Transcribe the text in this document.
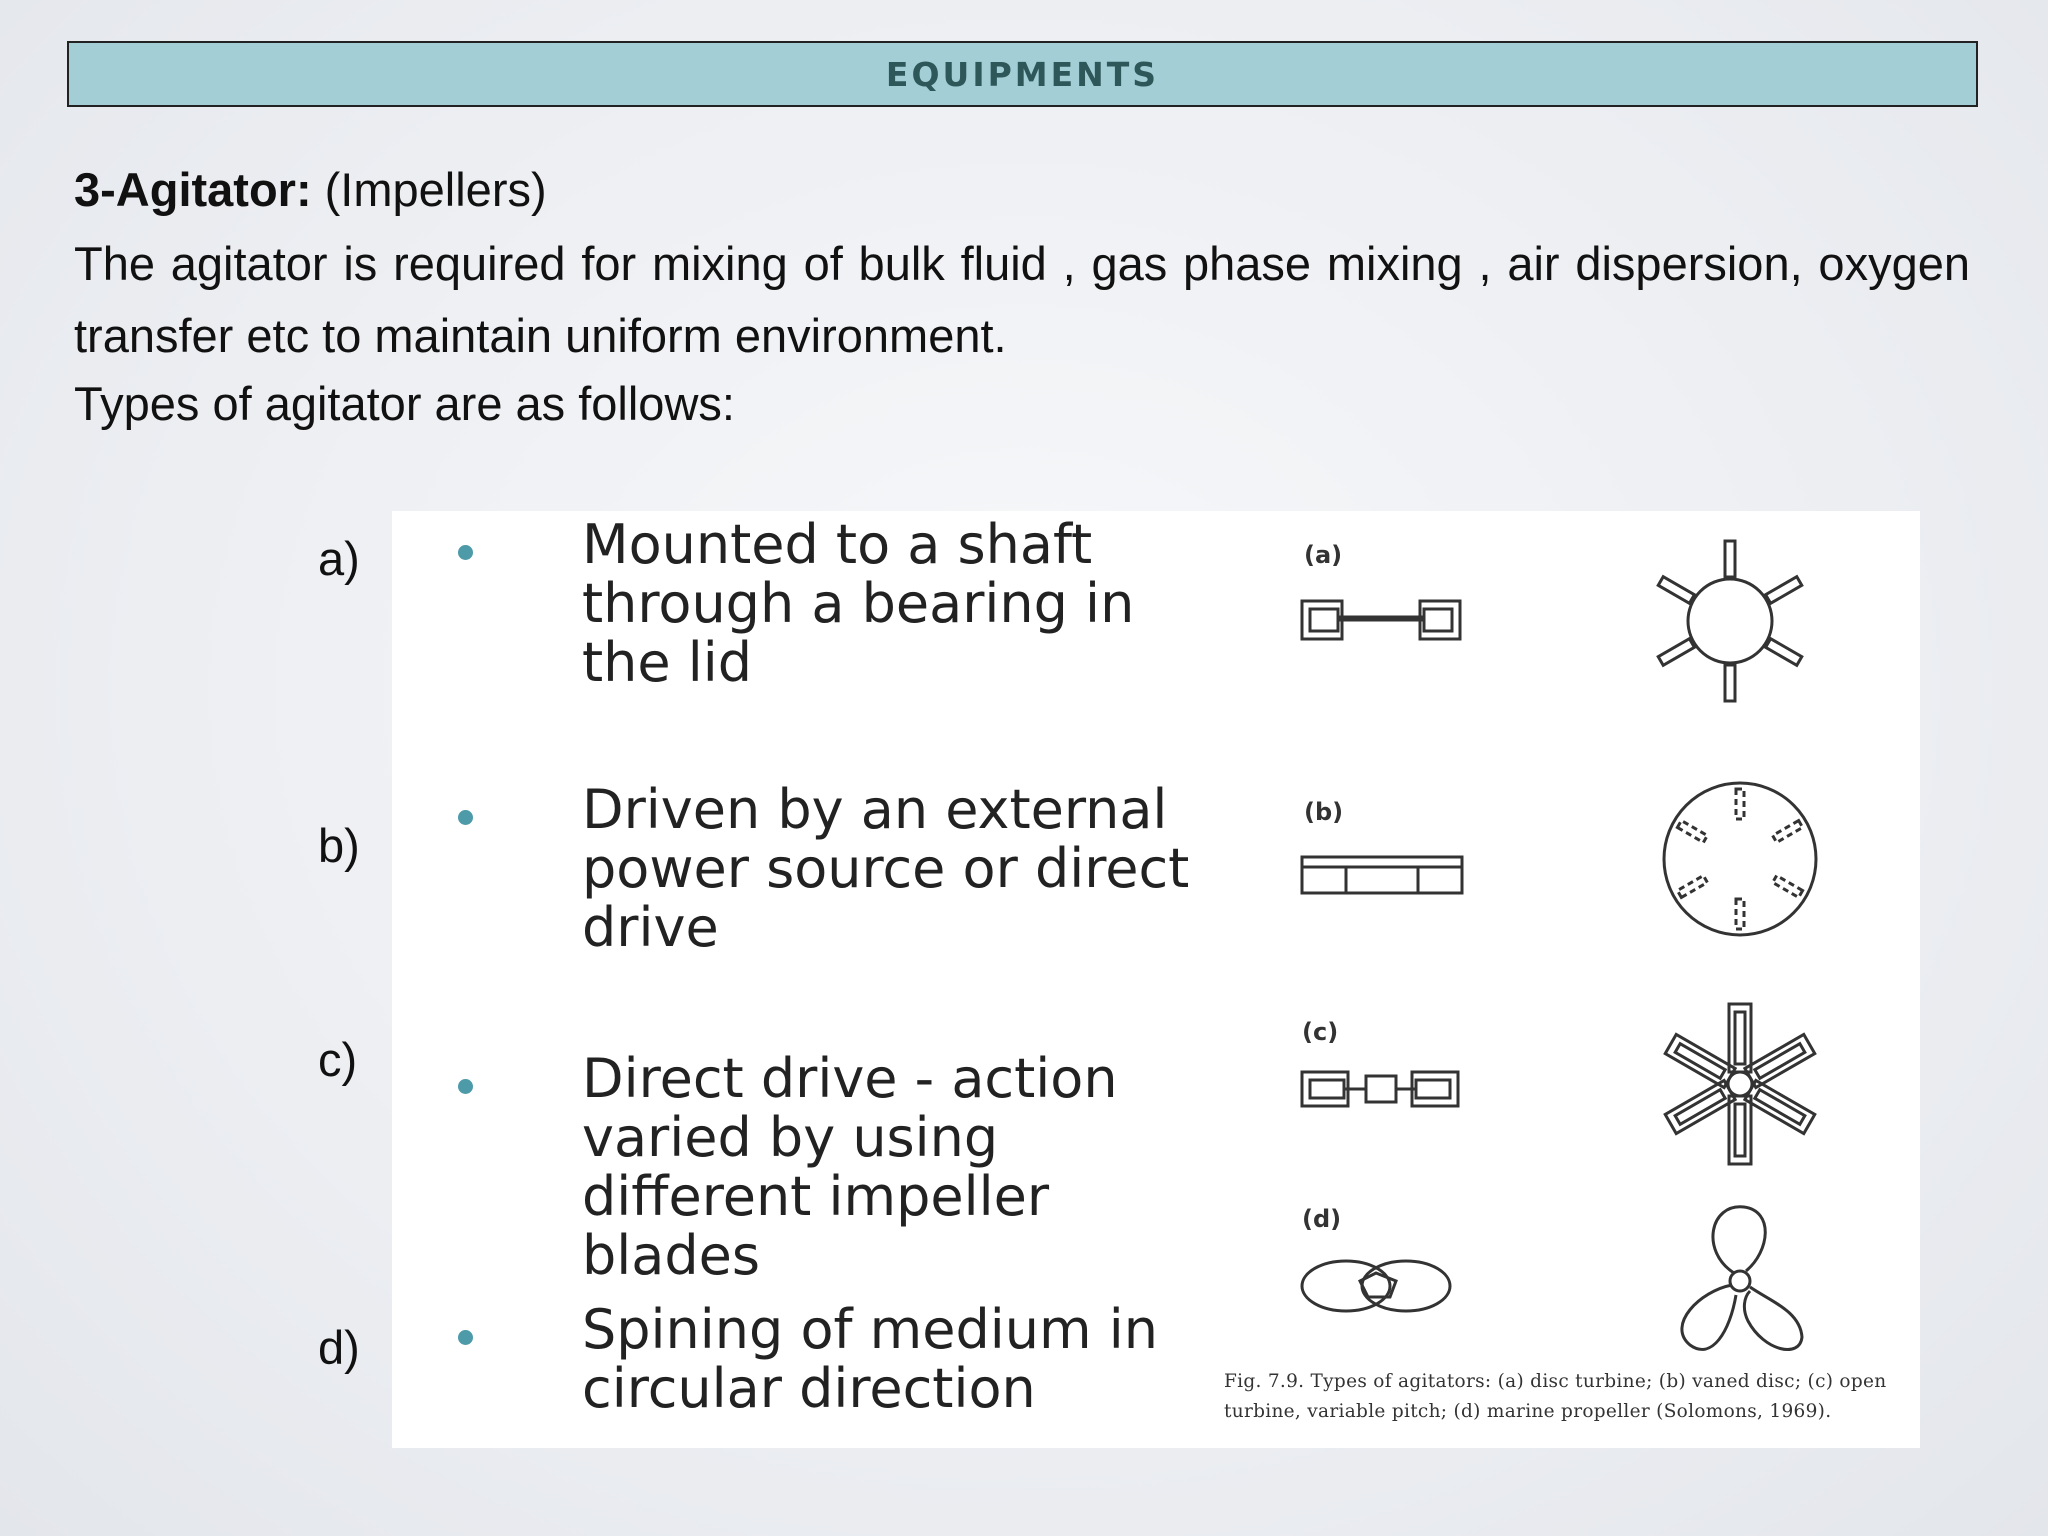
EQUIPMENTS
3-Agitator: (Impellers)
The agitator is required for mixing of bulk fluid , gas phase mixing , air dispersion, oxygen transfer etc to maintain uniform environment.
Types of agitator are as follows:
a)
b)
c)
d)
Mounted to a shaft
through a bearing in
the lid
Driven by an external
power source or direct
drive
Direct drive - action
varied by using
different impeller
blades
Spining of medium in
circular direction
(a)
(b)
(c)
(d)
Fig. 7.9. Types of agitators: (a) disc turbine; (b) vaned disc; (c) open turbine, variable pitch; (d) marine propeller (Solomons, 1969).
